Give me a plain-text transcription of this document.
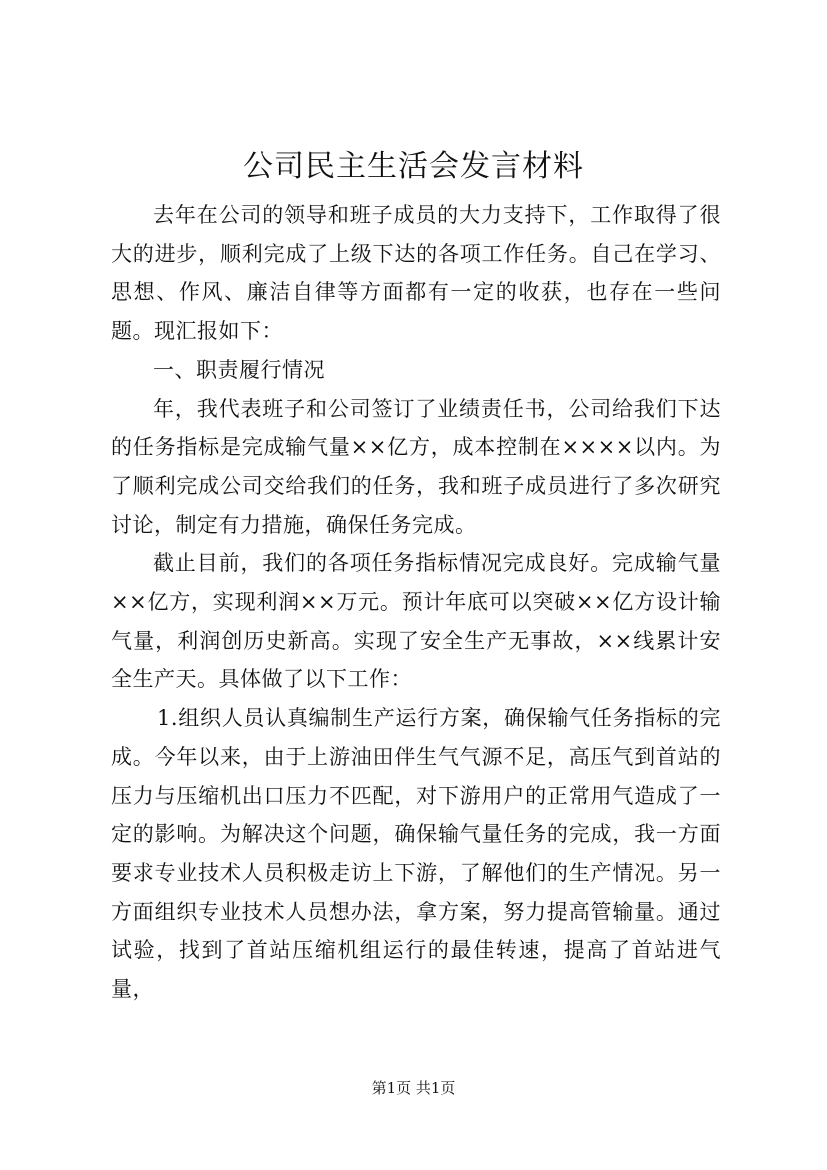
公司民主生活会发言材料

去年在公司的领导和班子成员的大力支持下，工作取得了很大的进步，顺利完成了上级下达的各项工作任务。自己在学习、思想、作风、廉洁自律等方面都有一定的收获，也存在一些问题。现汇报如下：

一、职责履行情况

年，我代表班子和公司签订了业绩责任书，公司给我们下达的任务指标是完成输气量××亿方，成本控制在××××以内。为了顺利完成公司交给我们的任务，我和班子成员进行了多次研究讨论，制定有力措施，确保任务完成。

截止目前，我们的各项任务指标情况完成良好。完成输气量××亿方，实现利润××万元。预计年底可以突破××亿方设计输气量，利润创历史新高。实现了安全生产无事故，××线累计安全生产天。具体做了以下工作：

1.组织人员认真编制生产运行方案，确保输气任务指标的完成。今年以来，由于上游油田伴生气气源不足，高压气到首站的压力与压缩机出口压力不匹配，对下游用户的正常用气造成了一定的影响。为解决这个问题，确保输气量任务的完成，我一方面要求专业技术人员积极走访上下游，了解他们的生产情况。另一方面组织专业技术人员想办法，拿方案，努力提高管输量。通过试验，找到了首站压缩机组运行的最佳转速，提高了首站进气量，

第1页 共1页
